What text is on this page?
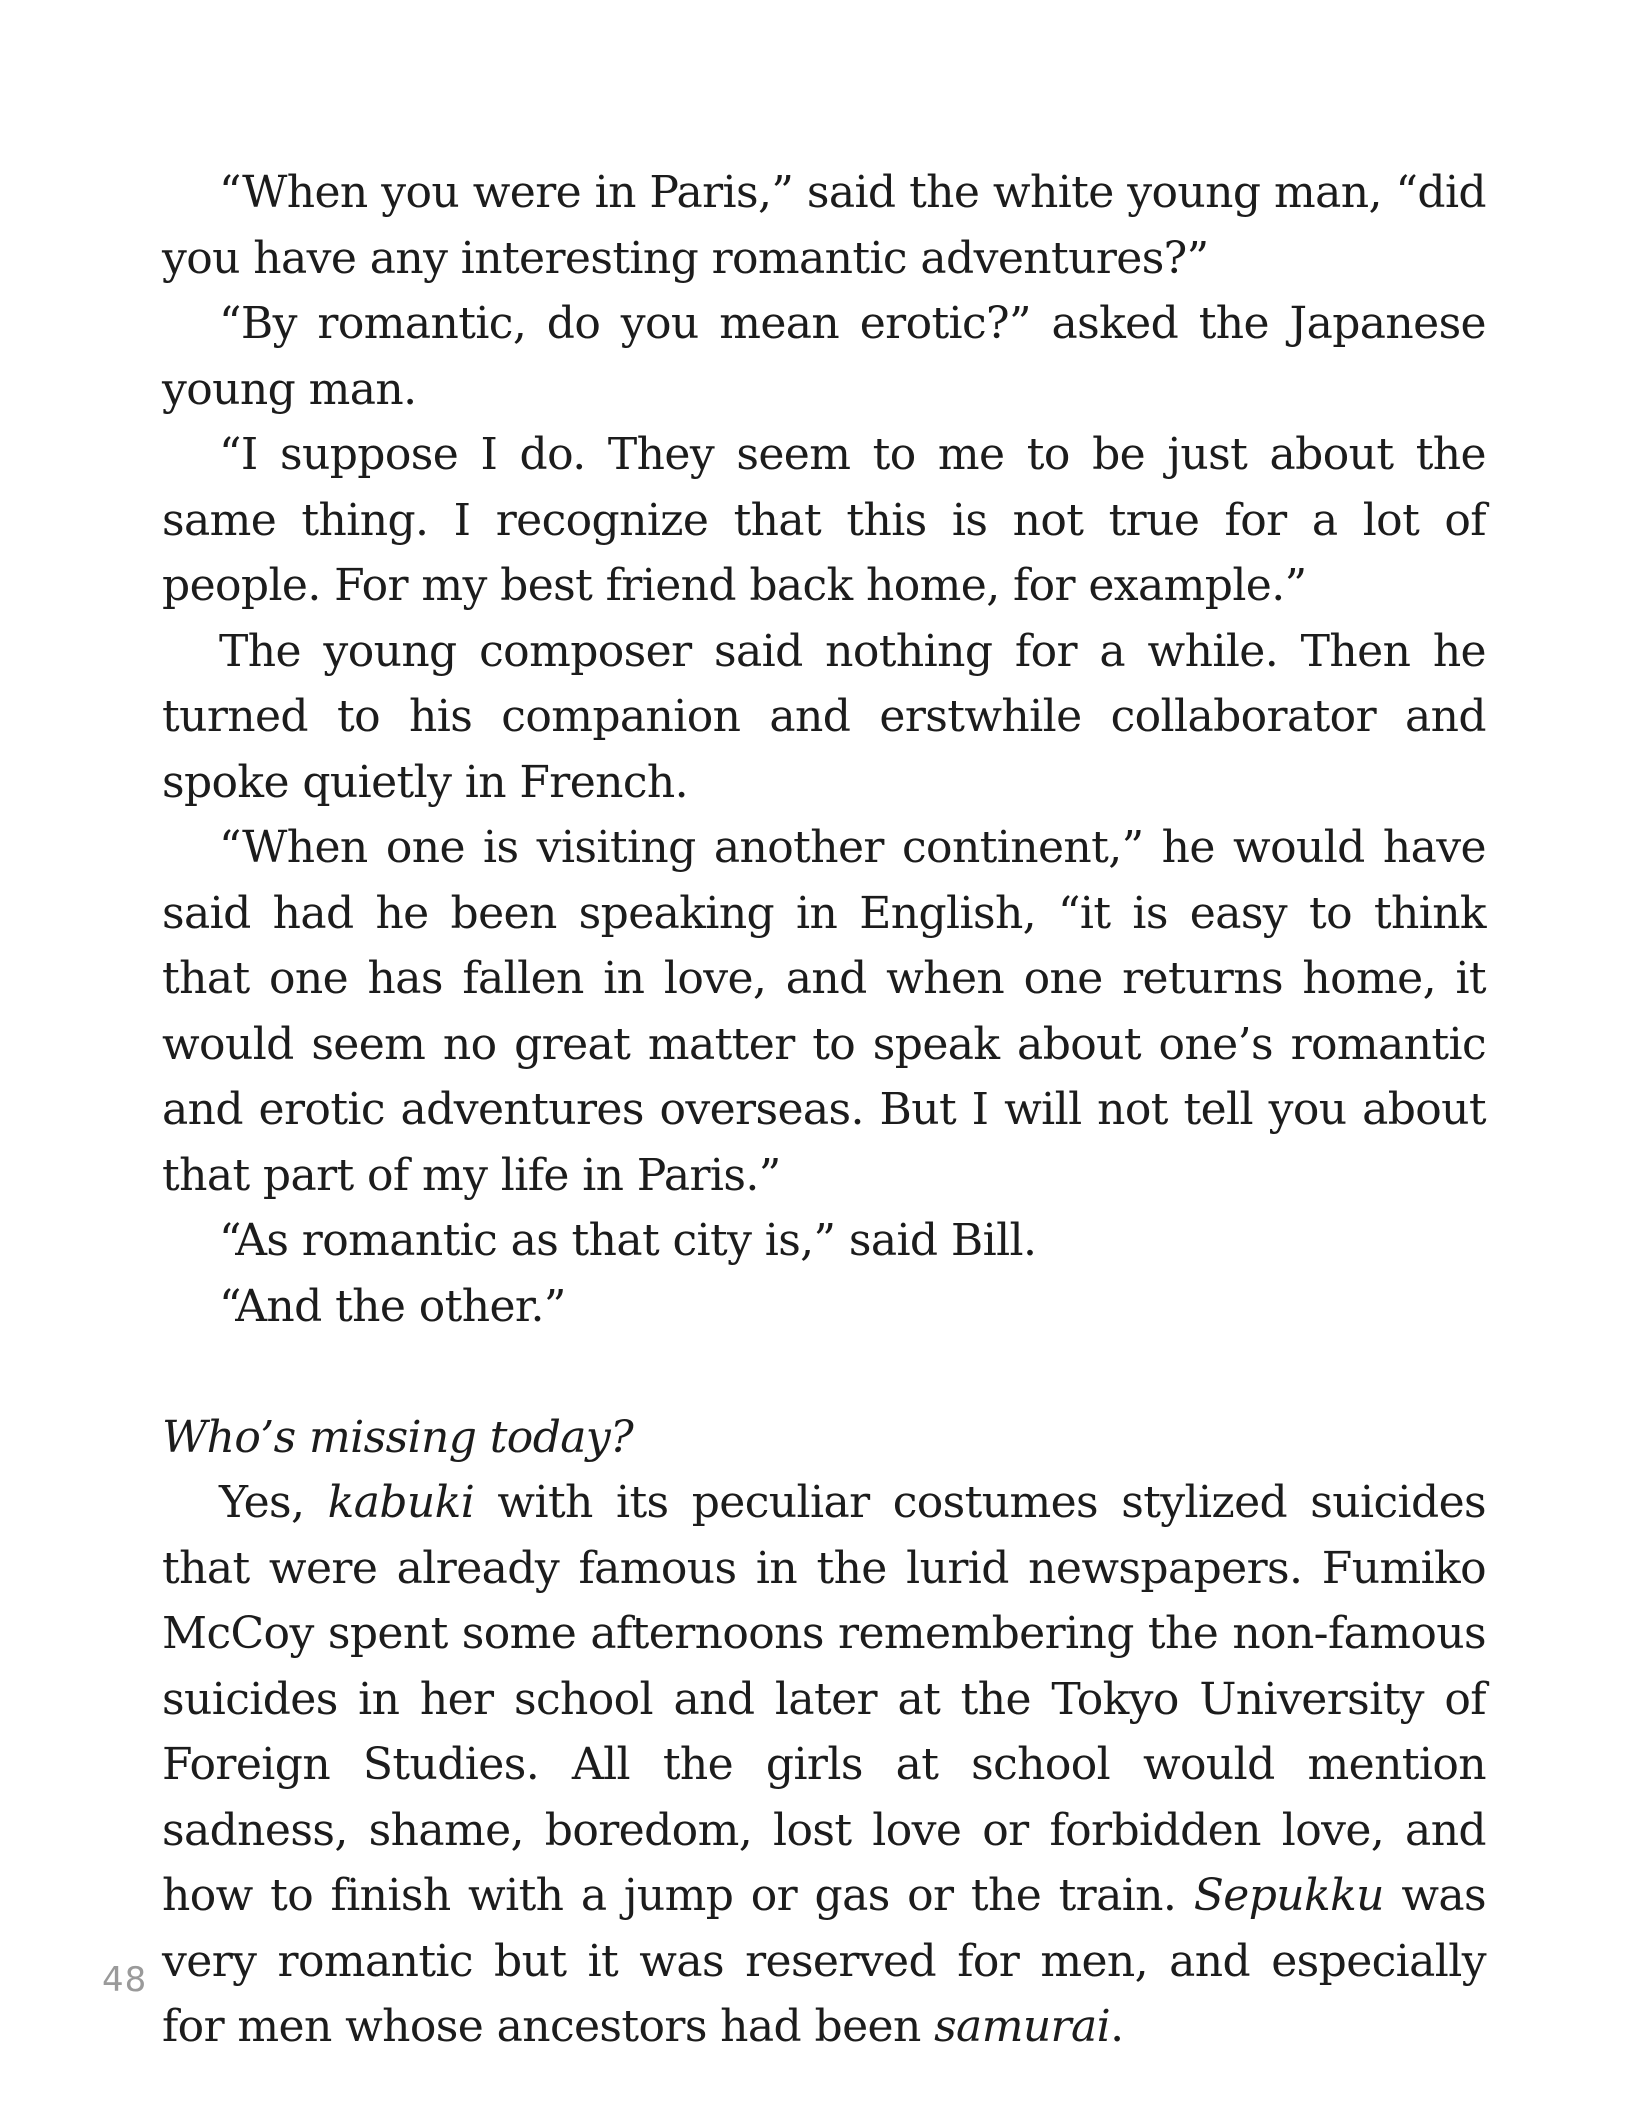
“When you were in Paris,” said the white young man, “did you have any interesting romantic adventures?”

“By romantic, do you mean erotic?” asked the Japanese young man.

“I suppose I do. They seem to me to be just about the same thing. I recognize that this is not true for a lot of people. For my best friend back home, for example.”

The young composer said nothing for a while. Then he turned to his companion and erstwhile collaborator and spoke quietly in French.

“When one is visiting another continent,” he would have said had he been speaking in English, “it is easy to think that one has fallen in love, and when one returns home, it would seem no great matter to speak about one’s romantic and erotic adventures overseas. But I will not tell you about that part of my life in Paris.”

“As romantic as that city is,” said Bill.

“And the other.”

Who’s missing today?

Yes, kabuki with its peculiar costumes stylized suicides that were already famous in the lurid newspapers. Fumiko McCoy spent some afternoons remembering the non-famous suicides in her school and later at the Tokyo University of Foreign Studies. All the girls at school would mention sadness, shame, boredom, lost love or forbidden love, and how to finish with a jump or gas or the train. Sepukku was very romantic but it was reserved for men, and especially for men whose ancestors had been samurai.

48
